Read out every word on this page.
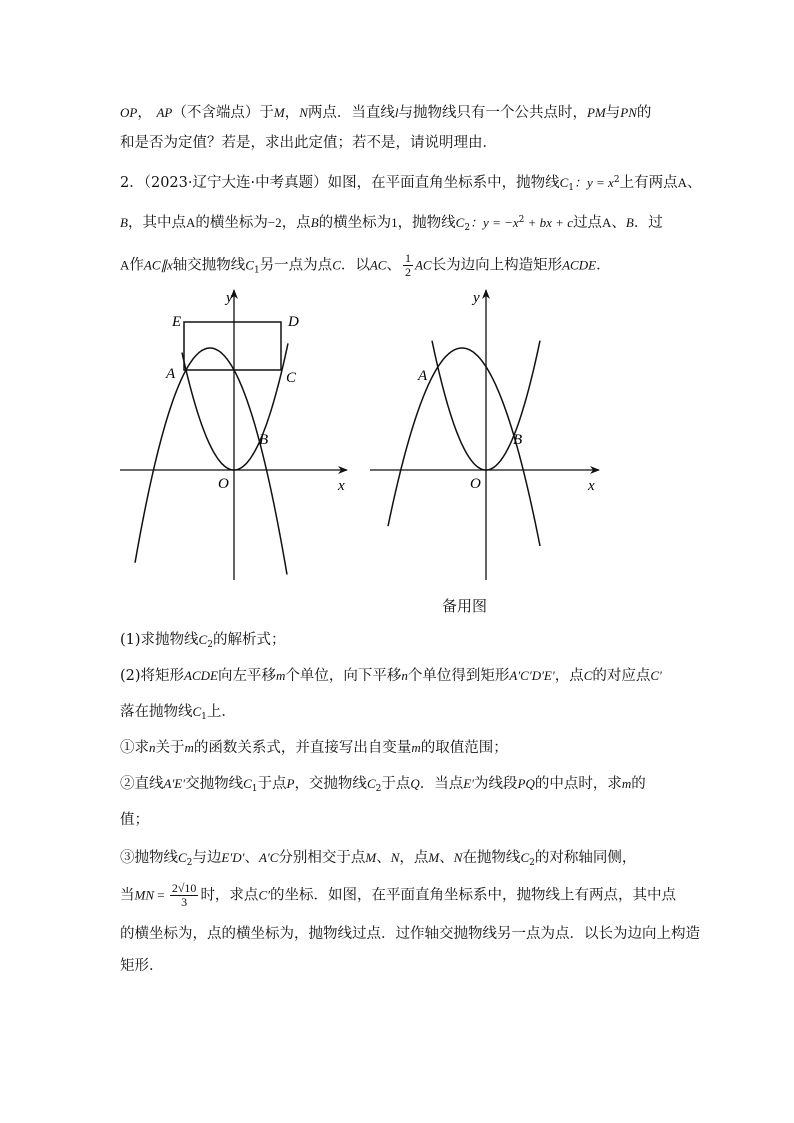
OP， AP（不含端点）于M，N两点．当直线l与抛物线只有一个公共点时，PM与PN的
和是否为定值？若是，求出此定值；若不是，请说明理由．
2．（2023·辽宁大连·中考真题）如图，在平面直角坐标系中，抛物线$C_1$：$y = x^2$上有两点A、
B，其中点A的横坐标为−2，点B的横坐标为1，抛物线$C_2$：$y = -x^2$ + bx + c过点A、B．过
A作AC∥x轴交抛物线$C_1$另一点为点C．以AC、 $\frac{1}{2}$ AC长为边向上构造矩形ACDE．
y
x
O
A
B
C
D
E
y
x
O
A
B
备用图
(1)求抛物线$C_2$的解析式；
(2)将矩形ACDE向左平移m个单位，向下平移n个单位得到矩形A′C′D′E′，点C的对应点C′
落在抛物线$C_1$上．
①求n关于m的函数关系式，并直接写出自变量m的取值范围；
②直线A′E′交抛物线$C_1$于点P，交抛物线$C_2$于点Q．当点E′为线段PQ的中点时，求m的
值；
③抛物线$C_2$与边E′D′、A′C分别相交于点M、N，点M、N在抛物线$C_2$的对称轴同侧，
当MN = $\frac{2√10}{3}$ 时，求点C′的坐标．如图，在平面直角坐标系中，抛物线上有两点，其中点
的横坐标为，点的横坐标为，抛物线过点．过作轴交抛物线另一点为点．以长为边向上构造
矩形．
